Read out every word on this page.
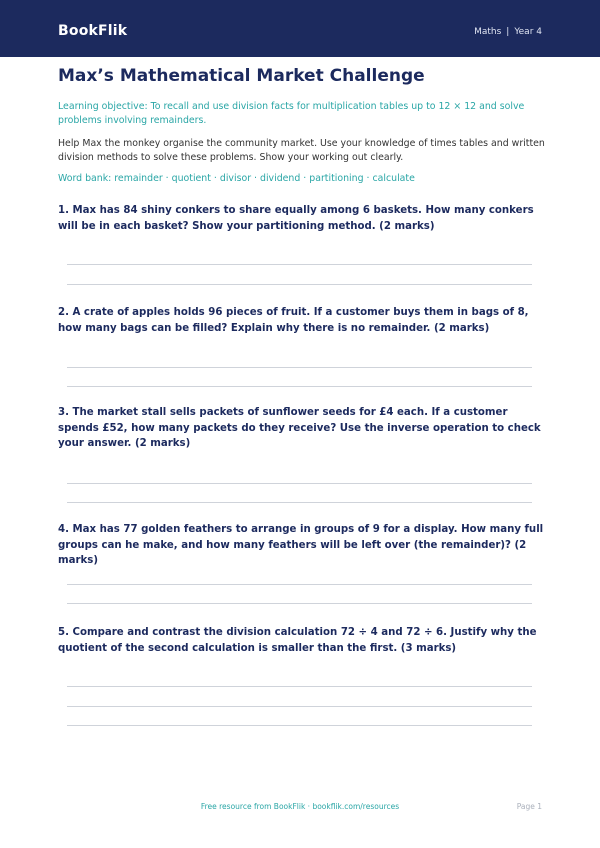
BookFlik	Maths | Year 4
Max’s Mathematical Market Challenge
Learning objective: To recall and use division facts for multiplication tables up to 12 × 12 and solve problems involving remainders.
Help Max the monkey organise the community market. Use your knowledge of times tables and written division methods to solve these problems. Show your working out clearly.
Word bank: remainder · quotient · divisor · dividend · partitioning · calculate
1. Max has 84 shiny conkers to share equally among 6 baskets. How many conkers will be in each basket? Show your partitioning method. (2 marks)
2. A crate of apples holds 96 pieces of fruit. If a customer buys them in bags of 8, how many bags can be filled? Explain why there is no remainder. (2 marks)
3. The market stall sells packets of sunflower seeds for £4 each. If a customer spends £52, how many packets do they receive? Use the inverse operation to check your answer. (2 marks)
4. Max has 77 golden feathers to arrange in groups of 9 for a display. How many full groups can he make, and how many feathers will be left over (the remainder)? (2 marks)
5. Compare and contrast the division calculation 72 ÷ 4 and 72 ÷ 6. Justify why the quotient of the second calculation is smaller than the first. (3 marks)
Free resource from BookFlik · bookflik.com/resources	Page 1
